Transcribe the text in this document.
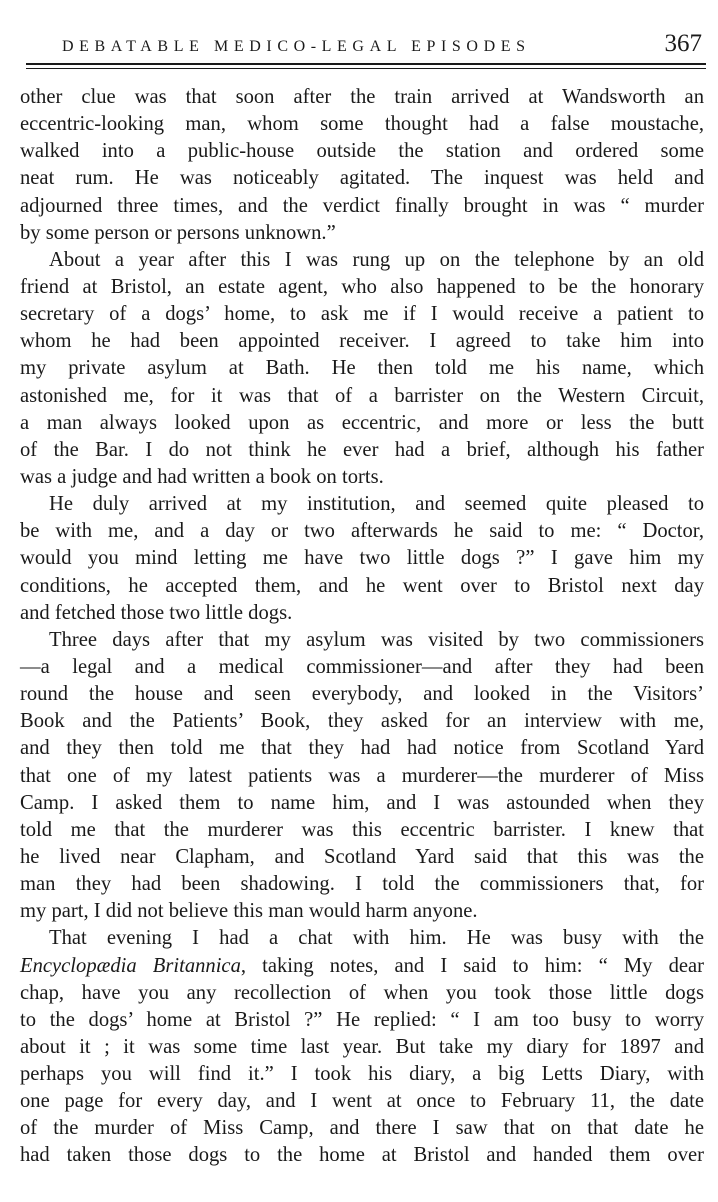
DEBATABLE MEDICO-LEGAL EPISODES	367
other clue was that soon after the train arrived at Wandsworth an
eccentric-looking man, whom some thought had a false moustache,
walked into a public-house outside the station and ordered some
neat rum. He was noticeably agitated. The inquest was held and
adjourned three times, and the verdict finally brought in was “ murder
by some person or persons unknown.”
About a year after this I was rung up on the telephone by an old
friend at Bristol, an estate agent, who also happened to be the honorary
secretary of a dogs’ home, to ask me if I would receive a patient to
whom he had been appointed receiver. I agreed to take him into
my private asylum at Bath. He then told me his name, which
astonished me, for it was that of a barrister on the Western Circuit,
a man always looked upon as eccentric, and more or less the butt
of the Bar. I do not think he ever had a brief, although his father
was a judge and had written a book on torts.
He duly arrived at my institution, and seemed quite pleased to
be with me, and a day or two afterwards he said to me: “ Doctor,
would you mind letting me have two little dogs ?” I gave him my
conditions, he accepted them, and he went over to Bristol next day
and fetched those two little dogs.
Three days after that my asylum was visited by two commissioners
—a legal and a medical commissioner—and after they had been
round the house and seen everybody, and looked in the Visitors’
Book and the Patients’ Book, they asked for an interview with me,
and they then told me that they had had notice from Scotland Yard
that one of my latest patients was a murderer—the murderer of Miss
Camp. I asked them to name him, and I was astounded when they
told me that the murderer was this eccentric barrister. I knew that
he lived near Clapham, and Scotland Yard said that this was the
man they had been shadowing. I told the commissioners that, for
my part, I did not believe this man would harm anyone.
That evening I had a chat with him. He was busy with the
Encyclopædia Britannica, taking notes, and I said to him: “ My dear
chap, have you any recollection of when you took those little dogs
to the dogs’ home at Bristol ?” He replied: “ I am too busy to worry
about it ; it was some time last year. But take my diary for 1897 and
perhaps you will find it.” I took his diary, a big Letts Diary, with
one page for every day, and I went at once to February 11, the date
of the murder of Miss Camp, and there I saw that on that date he
had taken those dogs to the home at Bristol and handed them over
